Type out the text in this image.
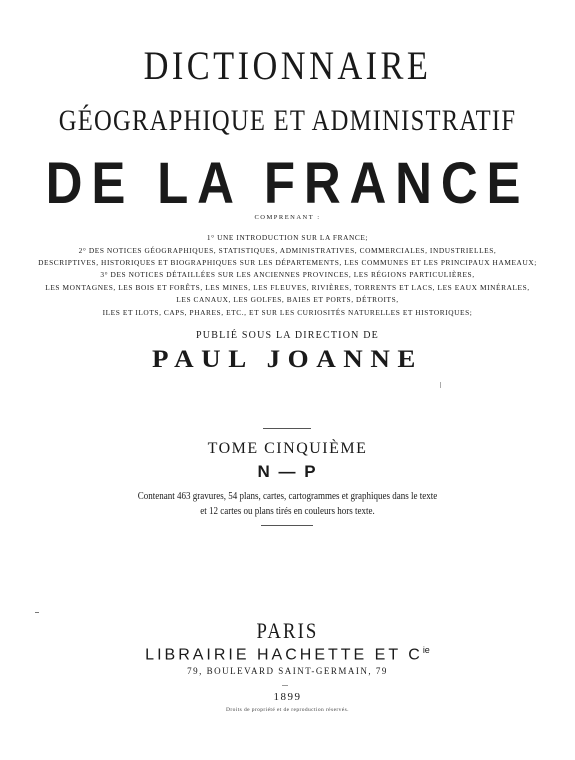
DICTIONNAIRE
GÉOGRAPHIQUE ET ADMINISTRATIF
DE LA FRANCE
COMPRENANT :
1° UNE INTRODUCTION SUR LA FRANCE;
2° DES NOTICES GÉOGRAPHIQUES, STATISTIQUES, ADMINISTRATIVES, COMMERCIALES, INDUSTRIELLES,
DESCRIPTIVES, HISTORIQUES ET BIOGRAPHIQUES SUR LES DÉPARTEMENTS, LES COMMUNES ET LES PRINCIPAUX HAMEAUX;
3° DES NOTICES DÉTAILLÉES SUR LES ANCIENNES PROVINCES, LES RÉGIONS PARTICULIÈRES,
LES MONTAGNES, LES BOIS ET FORÊTS, LES MINES, LES FLEUVES, RIVIÈRES, TORRENTS ET LACS, LES EAUX MINÉRALES,
LES CANAUX, LES GOLFES, BAIES ET PORTS, DÉTROITS,
ILES ET ILOTS, CAPS, PHARES, ETC., ET SUR LES CURIOSITÉS NATURELLES ET HISTORIQUES;
PUBLIÉ SOUS LA DIRECTION DE
PAUL JOANNE
TOME CINQUIÈME
N — P
Contenant 463 gravures, 54 plans, cartes, cartogrammes et graphiques dans le texte
et 12 cartes ou plans tirés en couleurs hors texte.
PARIS
LIBRAIRIE HACHETTE ET $C^{ie}$
79, BOULEVARD SAINT-GERMAIN, 79
1899
Droits de propriété et de reproduction réservés.
